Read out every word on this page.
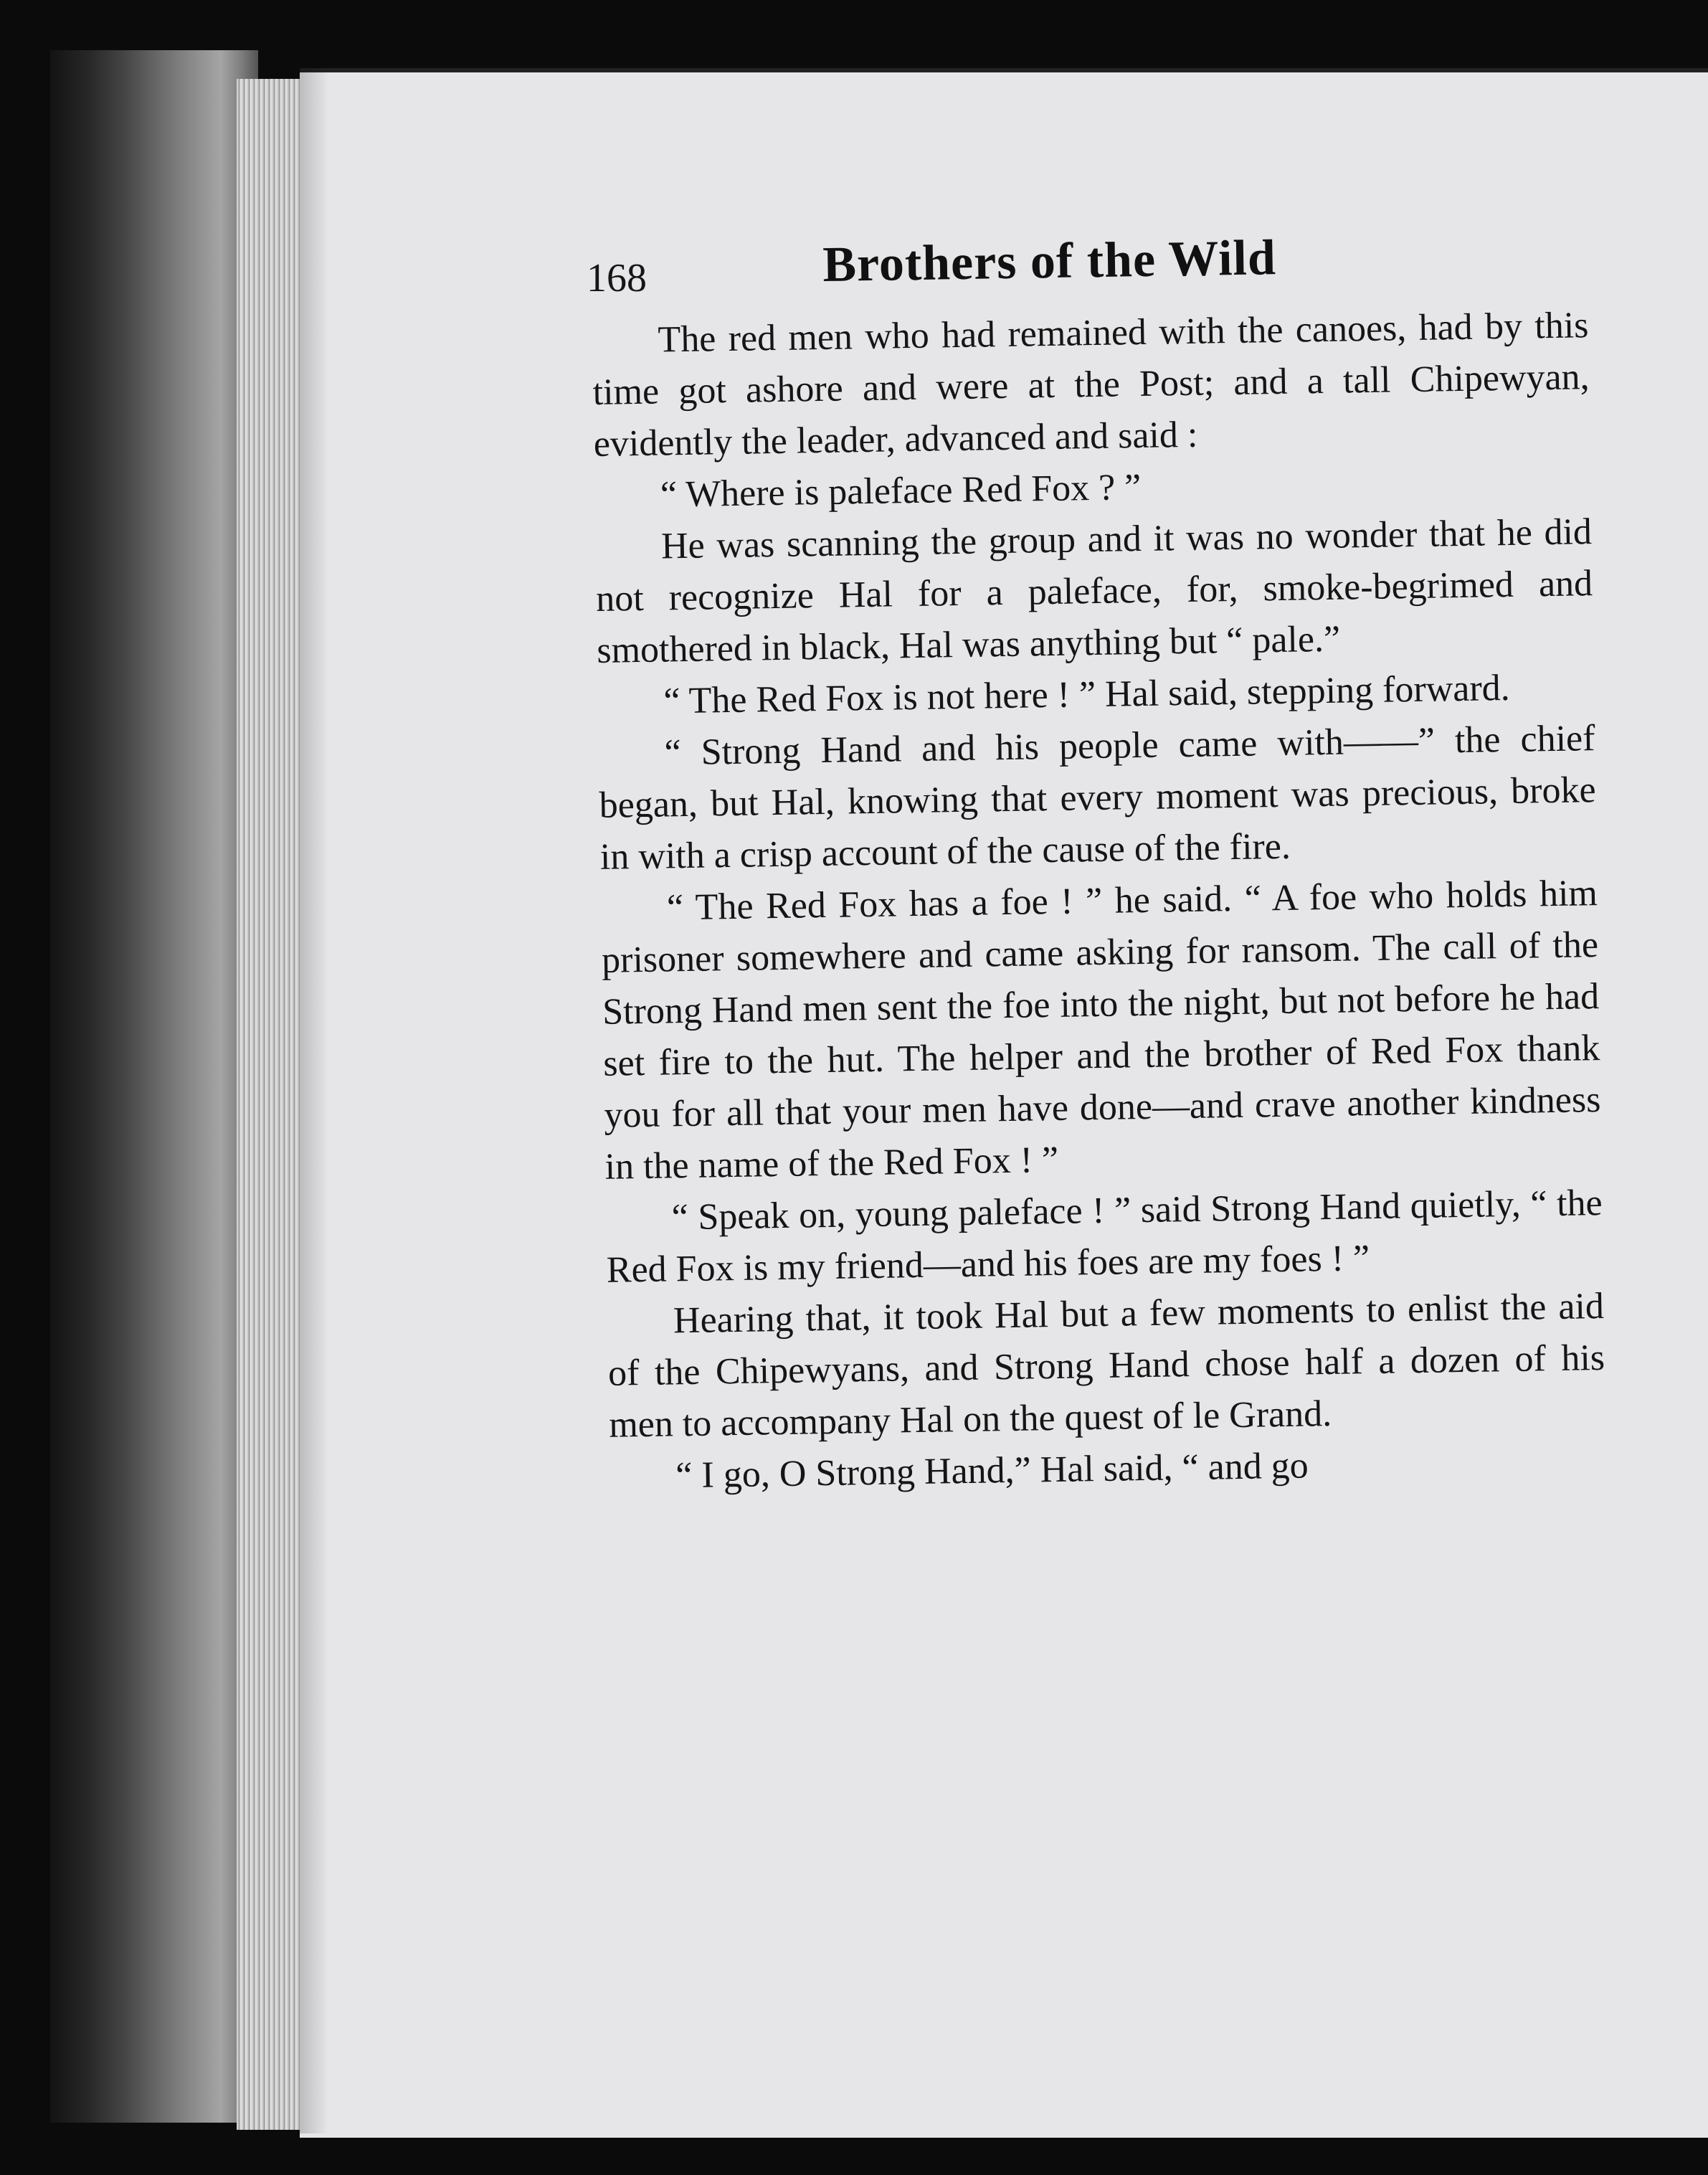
168	Brothers of the Wild

The red men who had remained with the canoes, had by this time got ashore and were at the Post; and a tall Chipewyan, evidently the leader, advanced and said :

“ Where is paleface Red Fox ? ”

He was scanning the group and it was no wonder that he did not recognize Hal for a paleface, for, smoke-begrimed and smothered in black, Hal was anything but “ pale.”

“ The Red Fox is not here ! ” Hal said, stepping forward.

“ Strong Hand and his people came with——” the chief began, but Hal, knowing that every moment was precious, broke in with a crisp account of the cause of the fire.

“ The Red Fox has a foe ! ” he said. “ A foe who holds him prisoner somewhere and came asking for ransom. The call of the Strong Hand men sent the foe into the night, but not before he had set fire to the hut. The helper and the brother of Red Fox thank you for all that your men have done—and crave another kindness in the name of the Red Fox ! ”

“ Speak on, young paleface ! ” said Strong Hand quietly, “ the Red Fox is my friend—and his foes are my foes ! ”

Hearing that, it took Hal but a few moments to enlist the aid of the Chipewyans, and Strong Hand chose half a dozen of his men to accompany Hal on the quest of le Grand.

“ I go, O Strong Hand,” Hal said, “ and go
